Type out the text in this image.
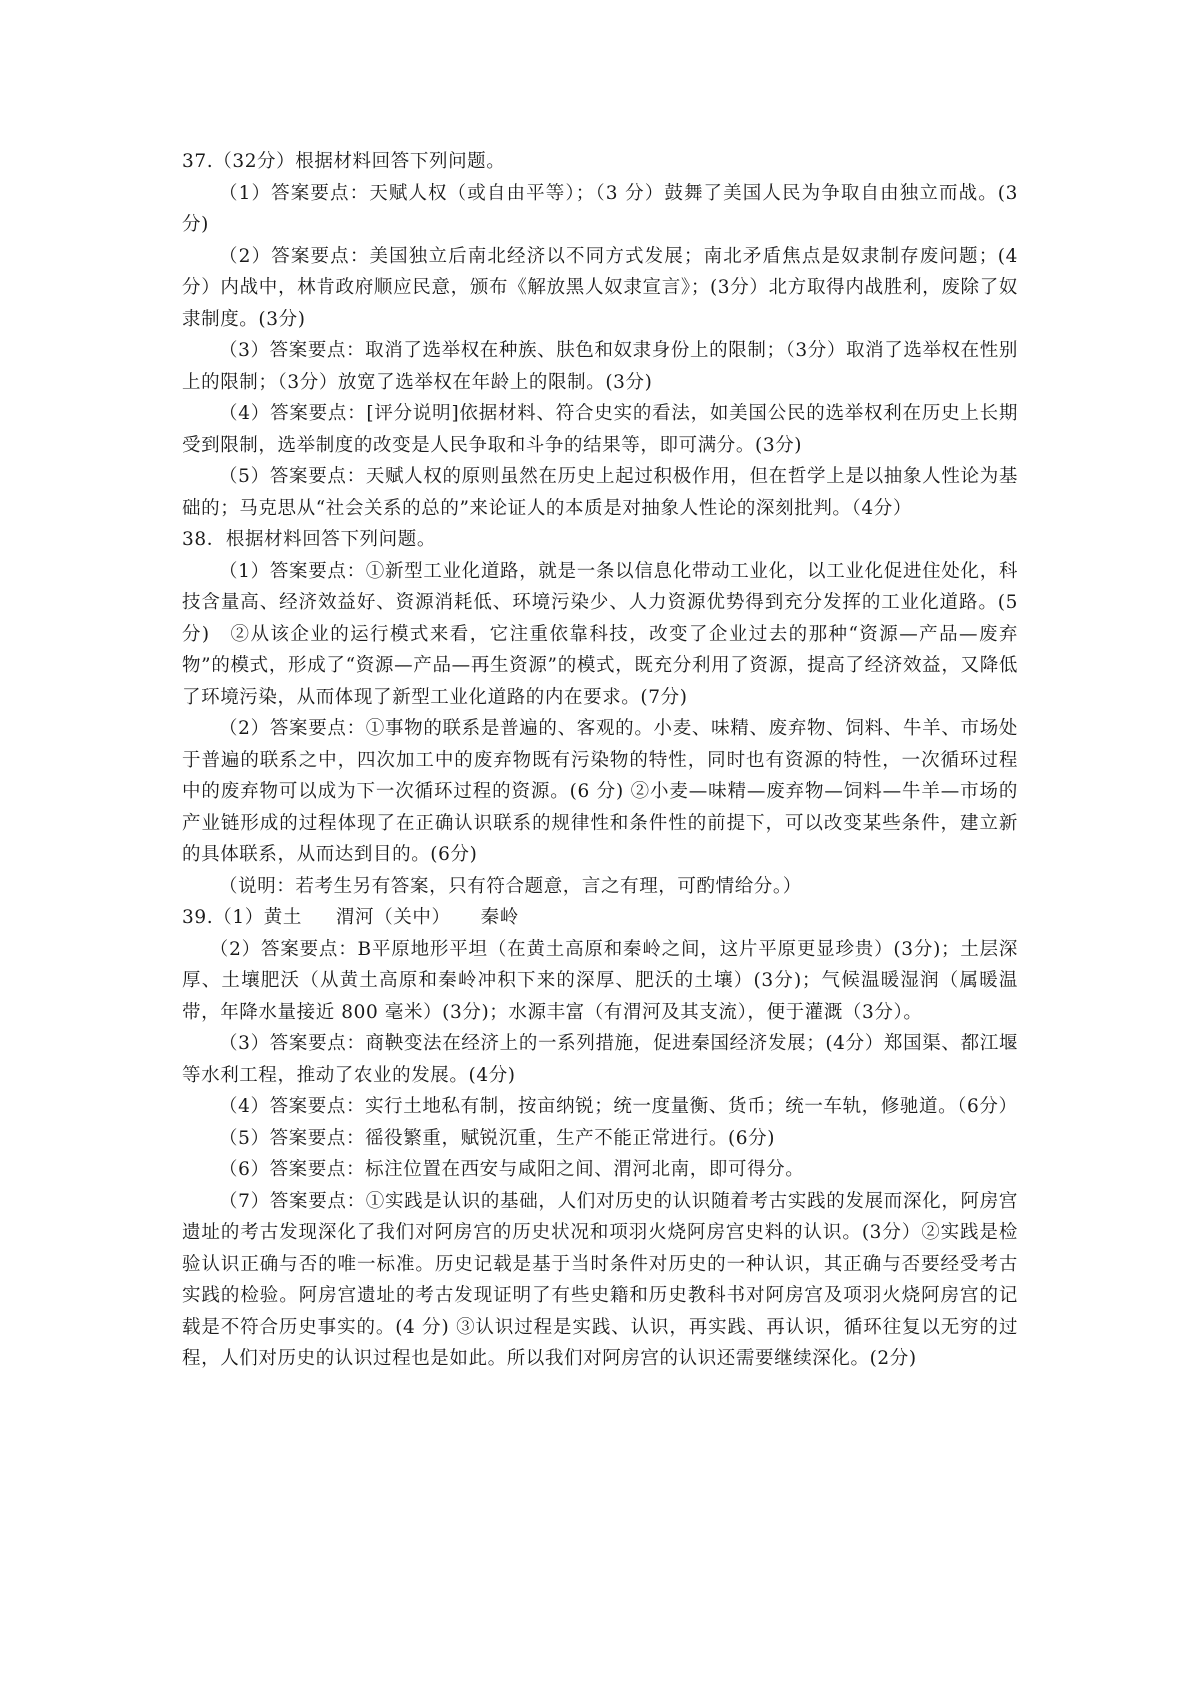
37.（32分）根据材料回答下列问题。

（1）答案要点：天赋人权（或自由平等）；（3 分）鼓舞了美国人民为争取自由独立而战。(3分)

（2）答案要点：美国独立后南北经济以不同方式发展；南北矛盾焦点是奴隶制存废问题；(4分）内战中，林肯政府顺应民意，颁布《解放黑人奴隶宣言》；(3分）北方取得内战胜利，废除了奴隶制度。(3分)

（3）答案要点：取消了选举权在种族、肤色和奴隶身份上的限制；（3分）取消了选举权在性别上的限制；（3分）放宽了选举权在年龄上的限制。(3分)

（4）答案要点：[评分说明]依据材料、符合史实的看法，如美国公民的选举权利在历史上长期受到限制，选举制度的改变是人民争取和斗争的结果等，即可满分。(3分)

（5）答案要点：天赋人权的原则虽然在历史上起过积极作用，但在哲学上是以抽象人性论为基础的；马克思从“社会关系的总的”来论证人的本质是对抽象人性论的深刻批判。（4分）

38．根据材料回答下列问题。

（1）答案要点：①新型工业化道路，就是一条以信息化带动工业化，以工业化促进住处化，科技含量高、经济效益好、资源消耗低、环境污染少、人力资源优势得到充分发挥的工业化道路。(5分)　②从该企业的运行模式来看，它注重依靠科技，改变了企业过去的那种“资源—产品—废弃物”的模式，形成了“资源—产品—再生资源”的模式，既充分利用了资源，提高了经济效益，又降低了环境污染，从而体现了新型工业化道路的内在要求。(7分)

（2）答案要点：①事物的联系是普遍的、客观的。小麦、味精、废弃物、饲料、牛羊、市场处于普遍的联系之中，四次加工中的废弃物既有污染物的特性，同时也有资源的特性，一次循环过程中的废弃物可以成为下一次循环过程的资源。(6 分) ②小麦—味精—废弃物—饲料—牛羊—市场的产业链形成的过程体现了在正确认识联系的规律性和条件性的前提下，可以改变某些条件，建立新的具体联系，从而达到目的。(6分)

（说明：若考生另有答案，只有符合题意，言之有理，可酌情给分。）

39.（1）黄土 渭河（关中） 秦岭

（2）答案要点：B平原地形平坦（在黄土高原和秦岭之间，这片平原更显珍贵）(3分)；土层深厚、土壤肥沃（从黄土高原和秦岭冲积下来的深厚、肥沃的土壤）(3分)；气候温暖湿润（属暖温带，年降水量接近 800 毫米）(3分)；水源丰富（有渭河及其支流），便于灌溉（3分）。

（3）答案要点：商鞅变法在经济上的一系列措施，促进秦国经济发展；(4分）郑国渠、都江堰等水利工程，推动了农业的发展。(4分)

（4）答案要点：实行土地私有制，按亩纳锐；统一度量衡、货币；统一车轨，修驰道。（6分）

（5）答案要点：徭役繁重，赋锐沉重，生产不能正常进行。(6分)

（6）答案要点：标注位置在西安与咸阳之间、渭河北南，即可得分。

（7）答案要点：①实践是认识的基础，人们对历史的认识随着考古实践的发展而深化，阿房宫遗址的考古发现深化了我们对阿房宫的历史状况和项羽火烧阿房宫史料的认识。(3分）②实践是检验认识正确与否的唯一标准。历史记载是基于当时条件对历史的一种认识，其正确与否要经受考古实践的检验。阿房宫遗址的考古发现证明了有些史籍和历史教科书对阿房宫及项羽火烧阿房宫的记载是不符合历史事实的。(4 分) ③认识过程是实践、认识，再实践、再认识，循环往复以无穷的过程，人们对历史的认识过程也是如此。所以我们对阿房宫的认识还需要继续深化。(2分)
